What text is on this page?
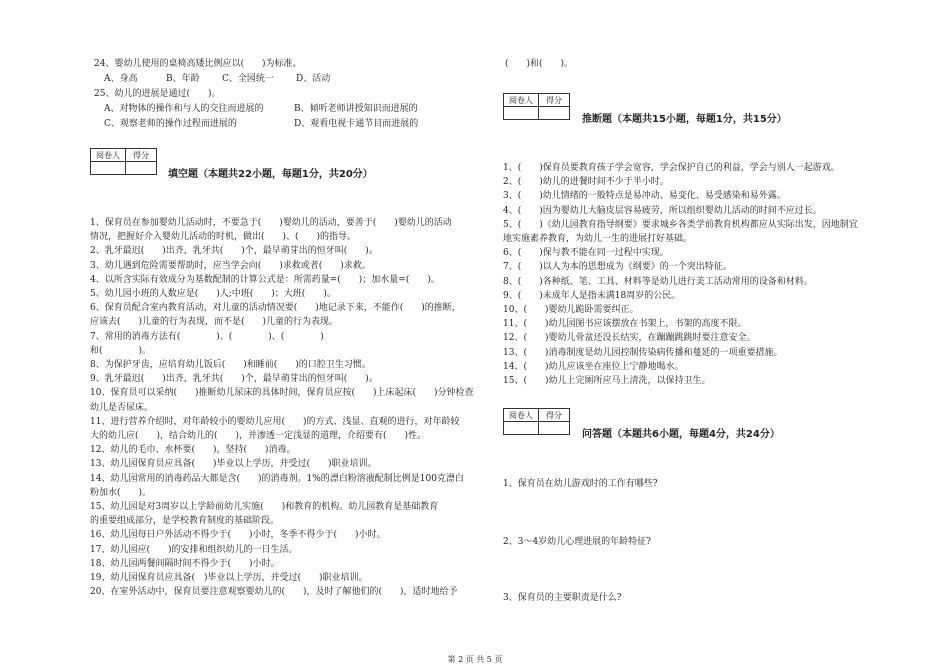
24、婴幼儿使用的桌椅高矮比例应以(　　)为标准。
A、身高	B、年龄 C、全园统一 D、活动
25、幼儿的进展是通过(　　)。
A、对物体的操作和与人的交往而进展的	B、倾听老师讲授知识而进展的
C、观察老师的操作过程而进展的	D、观看电视卡通节目而进展的
阅卷人	得分

填空题（本题共22小题，每题1分，共20分）
1、保育员在参加婴幼儿活动时，不要急于(　　)婴幼儿的活动，要善于(　　)婴幼儿的活动
情况，把握好介入婴幼儿活动的时机，做出(　　)、(　　)的指导。
2、乳牙最迟(　　)出齐，乳牙共(　　)个，最早萌芽出的恒牙叫(　　)。
3、幼儿遇到危险需要帮助时，应当学会向(　　)求救或者(　　)求救。
4、以所含实际有效成分为基数配制的计算公式是：所需药量=(　　)；加水量=(　　)。
5、幼儿园小班的人数应是(　　)人;中班(　　)；大班(　　)。
6、保育员配合室内教育活动，对儿童的活动情况要(　　)地记录下来，不能作(　　)的推断，
应该去(　　)儿童的行为表现，而不是(　　)儿童的行为表现。
7、常用的消毒方法有(　　　　)、(　　　　)、(　　　　)
和(　　　　)。
8、为保护牙齿，应培育幼儿饭后(　　)和睡前(　　)的口腔卫生习惯。
9、乳牙最迟(　　)出齐，乳牙共(　　)个，最早萌芽出的恒牙叫(　　)。
10、保育员可以采纳(　　)推断幼儿尿床的具体时间，保育员应按(　　)上床起床(　　)分钟检查
幼儿是否尿床。
11、进行营养介绍时，对年龄较小的婴幼儿应用(　　)的方式、浅显、直观的进行，对年龄较
大的幼儿应(　　)，结合幼儿的(　　)，并渗透一定浅显的道理，介绍要有(　　)性。
12、幼儿的毛巾、水杯要(　　)，坚持(　　)消毒。
13、幼儿园保育员应具备(　　)毕业以上学历，并受过(　　)职业培训。
14、幼儿园常用的消毒药品大都是含(　　)的消毒剂。1%的漂白粉溶液配制比例是100克漂白
粉加水(　　)。
15、幼儿园是对3周岁以上学龄前幼儿实施(　　)和教育的机构。幼儿园教育是基础教育
的重要组成部分，是学校教育制度的基础阶段。
16、幼儿园每日户外活动不得少于(　　)小时，冬季不得少于(　　)小时。
17、幼儿园应(　　)的安排和组织幼儿的一日生活。
18、幼儿园两餐间隔时间不得少于(　　)小时。
19、幼儿园保育员应具备(　)毕业以上学历，并受过(　　)职业培训。
20、在室外活动中，保育员要注意观察婴幼儿的(　　)，及时了解他们的(　　)，适时地给予
(　　)和(　　)。
阅卷人	得分

推断题（本题共15小题，每题1分，共15分）
1、(　　)保育员要教育孩子学会宽容，学会保护自己的利益，学会与别人一起游戏。
2、(　　)幼儿的进餐时间不少于半小时。
3、(　　)幼儿情绪的一般特点是易冲动、易变化、易受感染和易外露。
4、(　　)因为婴幼儿大脑皮层容易疲劳，所以组织婴幼儿活动的时间不应过长。
5、(　　)《幼儿园教育指导纲要》要求城乡各类学前教育机构都应从实际出发，因地制宜
地实施素养教育，为幼儿一生的进展打好基础。
6、(　　)保与教不能在同一过程中实现。
7、(　　)以人为本的思想成为《纲要》的一个突出特征。
8、(　　)各种纸、笔、工具、材料等是幼儿进行美工活动常用的设备和材料。
9、(　　)未成年人是指未满18周岁的公民。
10、(　　)婴幼儿跪卧需要纠正。
11、(　　)幼儿园图书应该摆放在书架上，书架的高度不限。
12、(　　)婴幼儿骨盆还没长结实，在蹦蹦跳跳时要注意安全。
13、(　　)消毒制度是幼儿园控制传染病传播和蔓延的一项重要措施。
14、(　　)幼儿应该坐在座位上宁静地喝水。
15、(　　)幼儿上完厕所应马上清洗，以保持卫生。
阅卷人	得分

问答题（本题共6小题，每题4分，共24分）
1、保育员在幼儿游戏时的工作有哪些?
2、3～4岁幼儿心理进展的年龄特征?
3、保育员的主要职责是什么?
第 2 页 共 5 页
